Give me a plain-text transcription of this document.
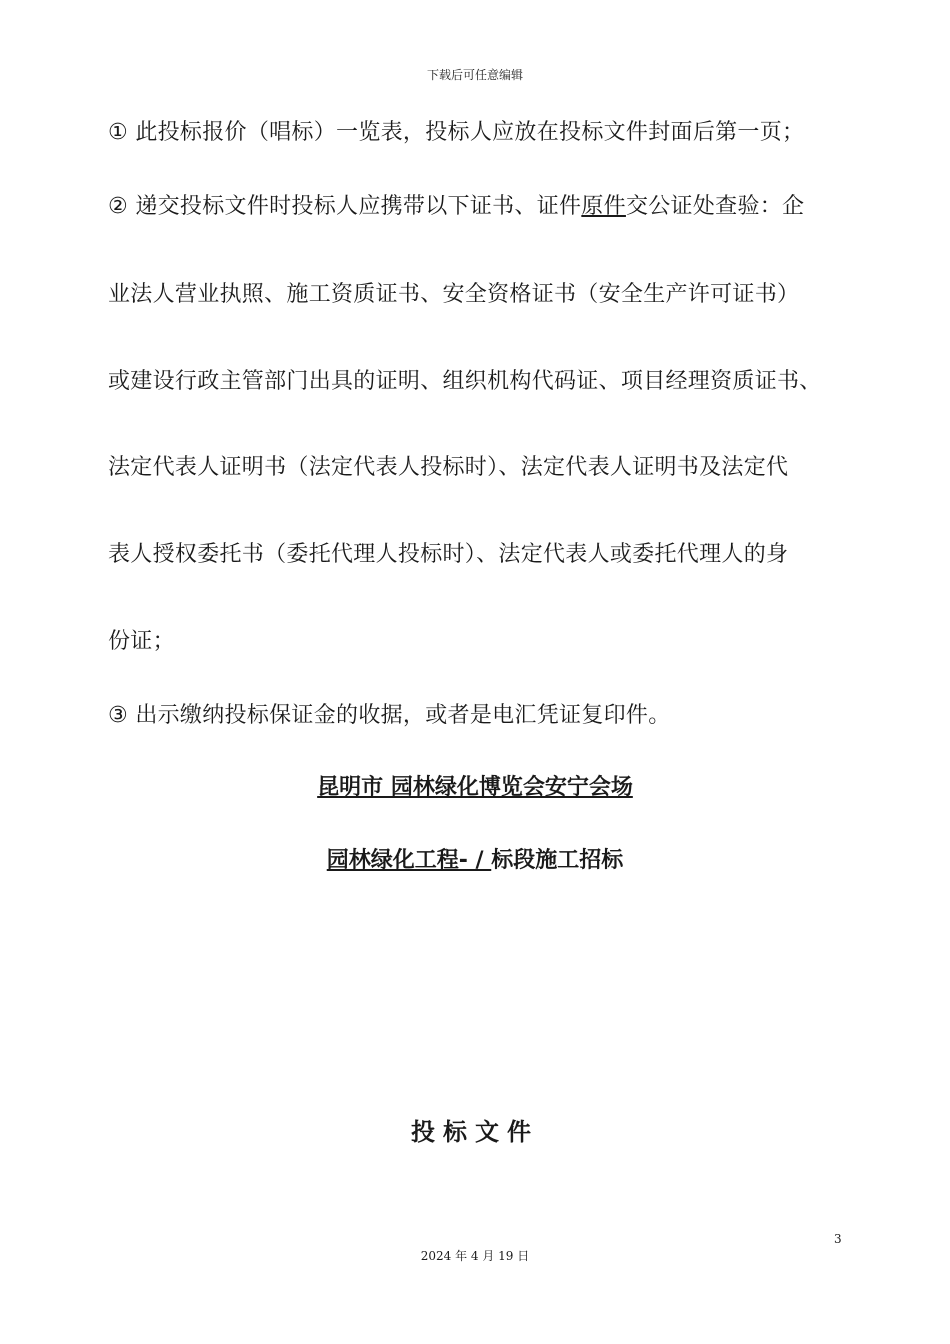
下载后可任意编辑
① 此投标报价（唱标）一览表，投标人应放在投标文件封面后第一页；
② 递交投标文件时投标人应携带以下证书、证件原件交公证处查验：企
业法人营业执照、施工资质证书、安全资格证书（安全生产许可证书）
或建设行政主管部门出具的证明、组织机构代码证、项目经理资质证书、
法定代表人证明书（法定代表人投标时）、法定代表人证明书及法定代
表人授权委托书（委托代理人投标时）、法定代表人或委托代理人的身
份证；
③ 出示缴纳投标保证金的收据，或者是电汇凭证复印件。
昆明市 园林绿化博览会安宁会场
园林绿化工程- / 标段施工招标
投标文件
3
2024 年 4 月 19 日
